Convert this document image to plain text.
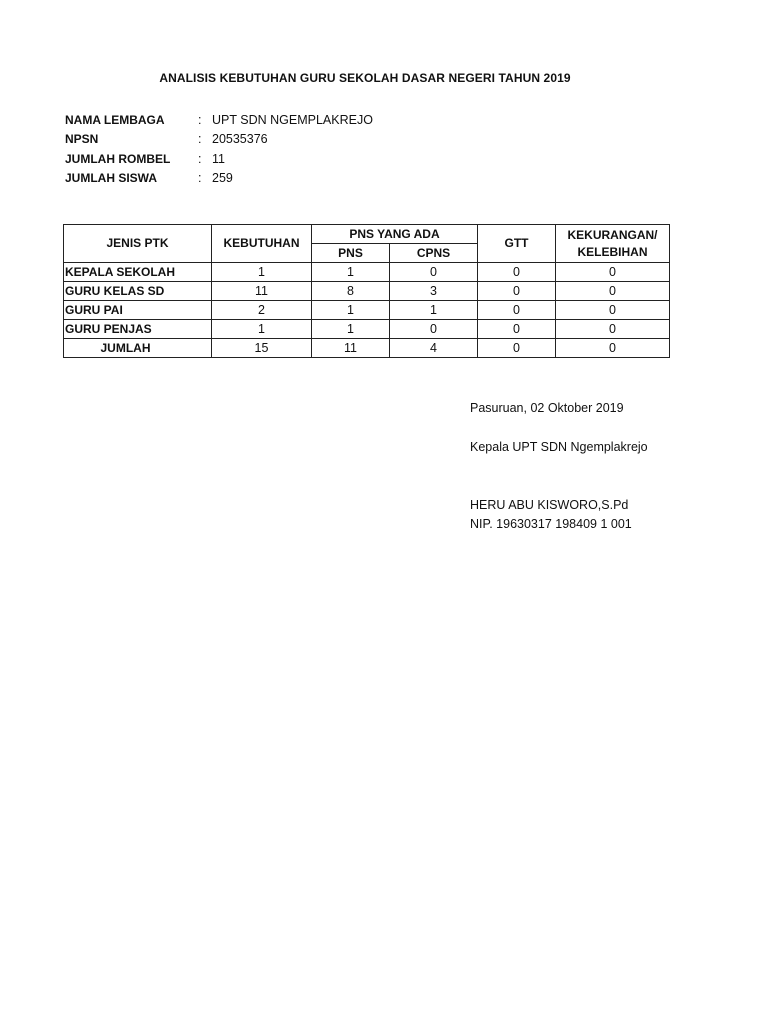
ANALISIS KEBUTUHAN GURU SEKOLAH DASAR NEGERI TAHUN 2019
NAMA LEMBAGA	: UPT SDN NGEMPLAKREJO
NPSN	: 20535376
JUMLAH ROMBEL	: 11
JUMLAH SISWA	: 259
JENIS PTK	KEBUTUHAN	PNS YANG ADA		GTT	KEKURANGAN/
KELEBIHAN
		PNS	CPNS		
KEPALA SEKOLAH	1	1	0	0	0
GURU KELAS SD	11	8	3	0	0
GURU PAI	2	1	1	0	0
GURU PENJAS	1	1	0	0	0
JUMLAH	15	11	4	0	0
Pasuruan, 02 Oktober 2019
Kepala UPT SDN Ngemplakrejo
HERU ABU KISWORO,S.Pd
NIP. 19630317 198409 1 001
